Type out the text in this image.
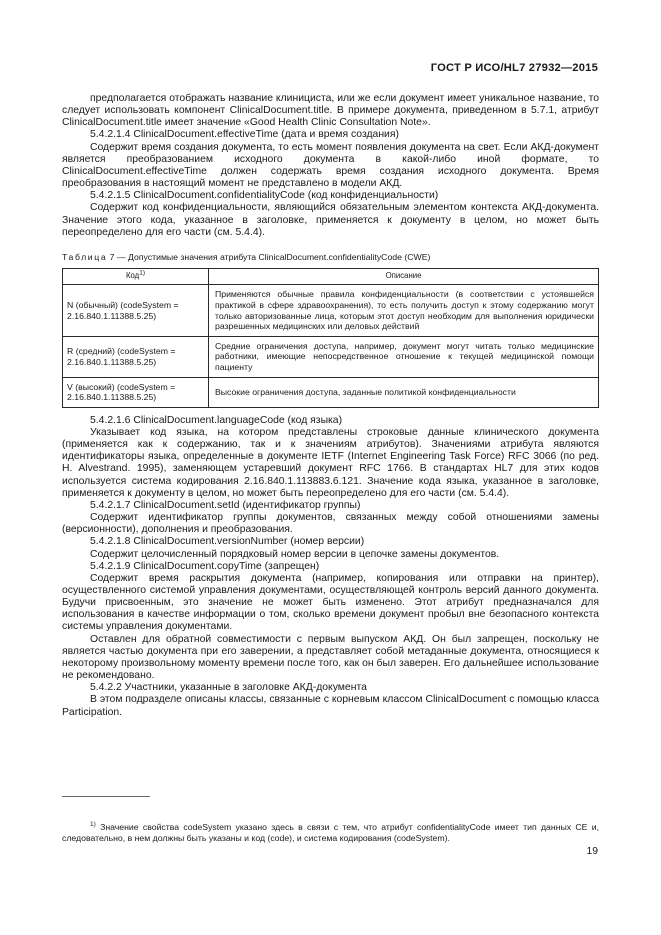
ГОСТ Р ИСО/HL7 27932—2015

предполагается отображать название клинициста, или же если документ имеет уникальное название, то следует использовать компонент ClinicalDocument.title. В примере документа, приведенном в 5.7.1, атрибут ClinicalDocument.title имеет значение «Good Health Clinic Consultation Note».

5.4.2.1.4 ClinicalDocument.effectiveTime (дата и время создания)

Содержит время создания документа, то есть момент появления документа на свет. Если АКД-документ является преобразованием исходного документа в какой-либо иной формате, то ClinicalDocument.effectiveTime должен содержать время создания исходного документа. Время преобразования в настоящий момент не представлено в модели АКД.

5.4.2.1.5 ClinicalDocument.confidentialityCode (код конфиденциальности)

Содержит код конфиденциальности, являющийся обязательным элементом контекста АКД-документа. Значение этого кода, указанное в заголовке, применяется к документу в целом, но может быть переопределено для его части (см. 5.4.4).

Таблица 7 — Допустимые значения атрибута ClinicalDocument.confidentialityCode (CWE)

Код$^{1)}$	Описание
N (обычный) (codeSystem = 2.16.840.1.11388.5.25)	Применяются обычные правила конфиденциальности (в соответствии с устоявшейся практикой в сфере здравоохранения), то есть получить доступ к этому содержанию могут только авторизованные лица, которым этот доступ необходим для выполнения юридически разрешенных медицинских или деловых действий
R (средний) (codeSystem = 2.16.840.1.11388.5.25)	Средние ограничения доступа, например, документ могут читать только медицинские работники, имеющие непосредственное отношение к текущей медицинской помощи пациенту
V (высокий) (codeSystem = 2.16.840.1.11388.5.25)	Высокие ограничения доступа, заданные политикой конфиденциальности

5.4.2.1.6 ClinicalDocument.languageCode (код языка)

Указывает код языка, на котором представлены строковые данные клинического документа (применяется как к содержанию, так и к значениям атрибутов). Значениями атрибута являются идентификаторы языка, определенные в документе IETF (Internet Engineering Task Force) RFC 3066 (по ред. H. Alvestrand. 1995), заменяющем устаревший документ RFC 1766. В стандартах HL7 для этих кодов используется система кодирования 2.16.840.1.113883.6.121. Значение кода языка, указанное в заголовке, применяется к документу в целом, но может быть переопределено для его части (см. 5.4.4).

5.4.2.1.7 ClinicalDocument.setId (идентификатор группы)

Содержит идентификатор группы документов, связанных между собой отношениями замены (версионности), дополнения и преобразования.

5.4.2.1.8 ClinicalDocument.versionNumber (номер версии)

Содержит целочисленный порядковый номер версии в цепочке замены документов.

5.4.2.1.9 ClinicalDocument.copyTime (запрещен)

Содержит время раскрытия документа (например, копирования или отправки на принтер), осуществленного системой управления документами, осуществляющей контроль версий данного документа. Будучи присвоенным, это значение не может быть изменено. Этот атрибут предназначался для использования в качестве информации о том, сколько времени документ пробыл вне безопасного контекста системы управления документами.

Оставлен для обратной совместимости с первым выпуском АКД. Он был запрещен, поскольку не является частью документа при его заверении, а представляет собой метаданные документа, относящиеся к некоторому произвольному моменту времени после того, как он был заверен. Его дальнейшее использование не рекомендовано.

5.4.2.2 Участники, указанные в заголовке АКД-документа

В этом подразделе описаны классы, связанные с корневым классом ClinicalDocument с помощью класса Participation.

$^{1)}$ Значение свойства codeSystem указано здесь в связи с тем, что атрибут confidentialityCode имеет тип данных CE и, следовательно, в нем должны быть указаны и код (code), и система кодирования (codeSystem).

19
